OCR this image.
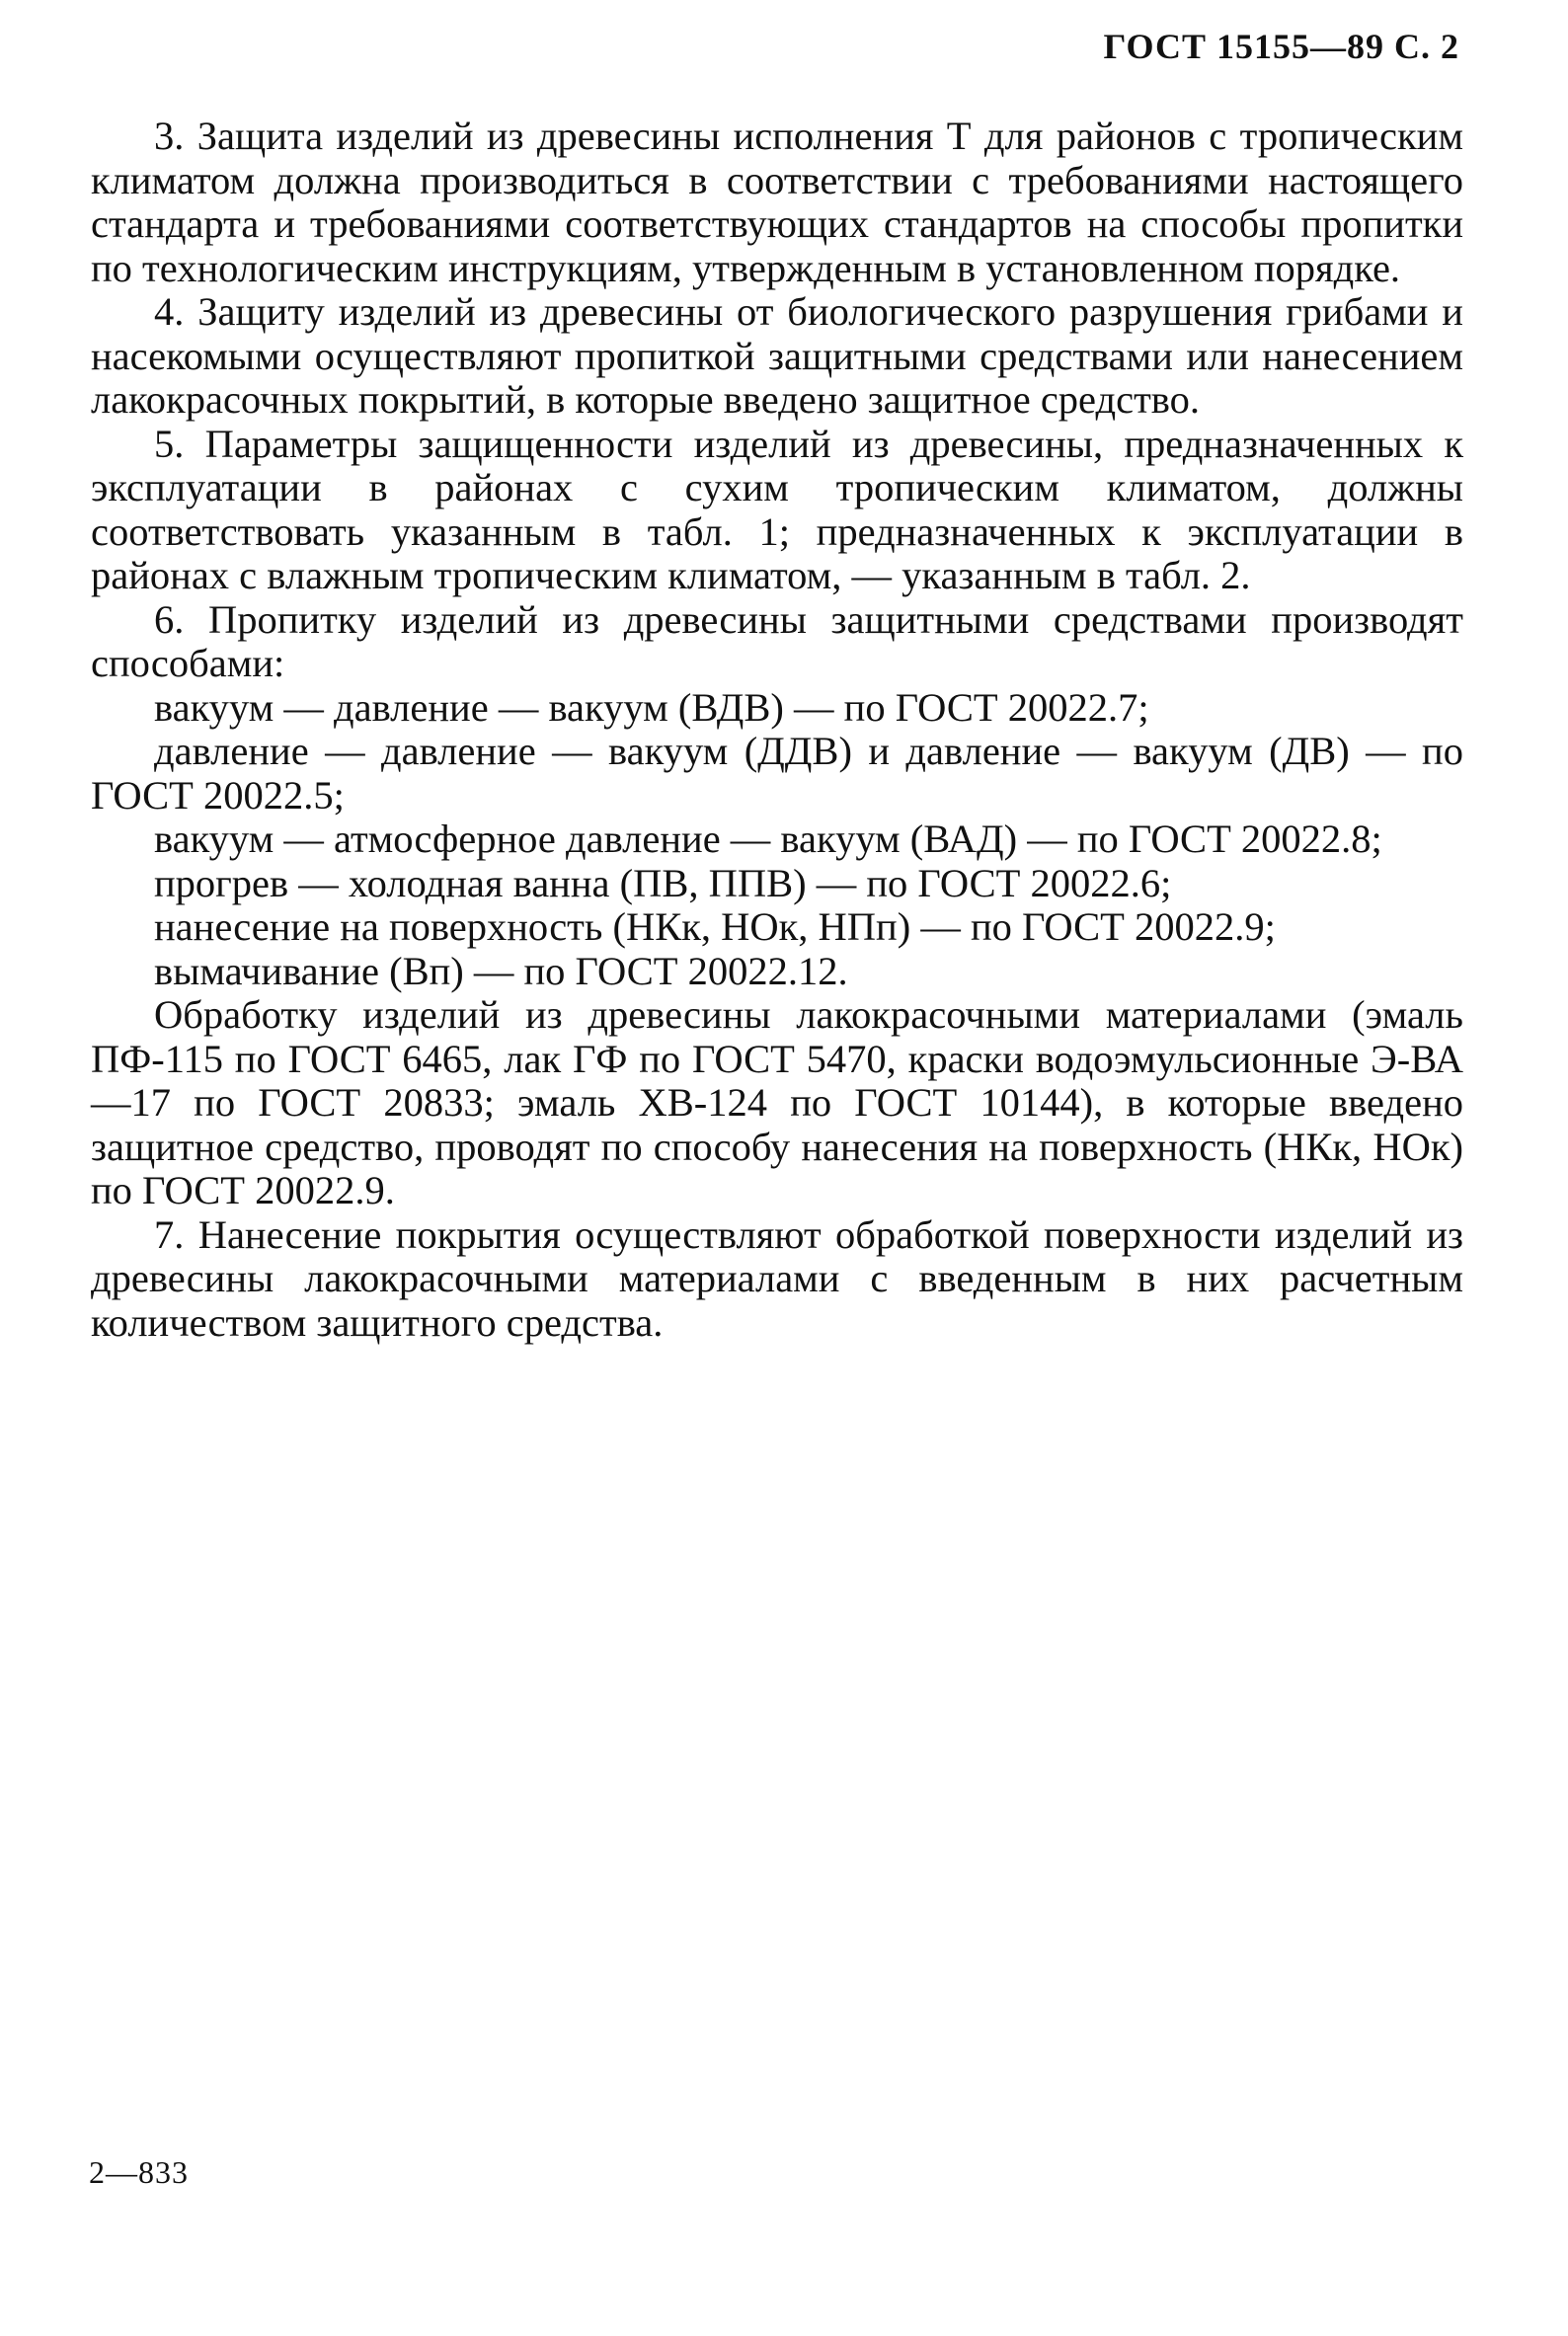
ГОСТ 15155—89 С. 2

3. Защита изделий из древесины исполнения Т для районов с тропическим климатом должна производиться в соответствии с требованиями настоящего стандарта и требованиями соответствующих стандартов на способы пропитки по технологическим инструкциям, утвержденным в установленном порядке.

4. Защиту изделий из древесины от биологического разрушения грибами и насекомыми осуществляют пропиткой защитными средствами или нанесением лакокрасочных покрытий, в которые введено защитное средство.

5. Параметры защищенности изделий из древесины, предназначенных к эксплуатации в районах с сухим тропическим климатом, должны соответствовать указанным в табл. 1; предназначенных к эксплуатации в районах с влажным тропическим климатом, — указанным в табл. 2.

6. Пропитку изделий из древесины защитными средствами производят способами:

вакуум — давление — вакуум (ВДВ) — по ГОСТ 20022.7;

давление — давление — вакуум (ДДВ) и давление — вакуум (ДВ) — по ГОСТ 20022.5;

вакуум — атмосферное давление — вакуум (ВАД) — по ГОСТ 20022.8;

прогрев — холодная ванна (ПВ, ППВ) — по ГОСТ 20022.6;

нанесение на поверхность (НКк, НОк, НПп) — по ГОСТ 20022.9;

вымачивание (Вп) — по ГОСТ 20022.12.

Обработку изделий из древесины лакокрасочными материалами (эмаль ПФ-115 по ГОСТ 6465, лак ГФ по ГОСТ 5470, краски водоэмульсионные Э-ВА—17 по ГОСТ 20833; эмаль ХВ-124 по ГОСТ 10144), в которые введено защитное средство, проводят по способу нанесения на поверхность (НКк, НОк) по ГОСТ 20022.9.

7. Нанесение покрытия осуществляют обработкой поверхности изделий из древесины лакокрасочными материалами с введенным в них расчетным количеством защитного средства.

2—833
